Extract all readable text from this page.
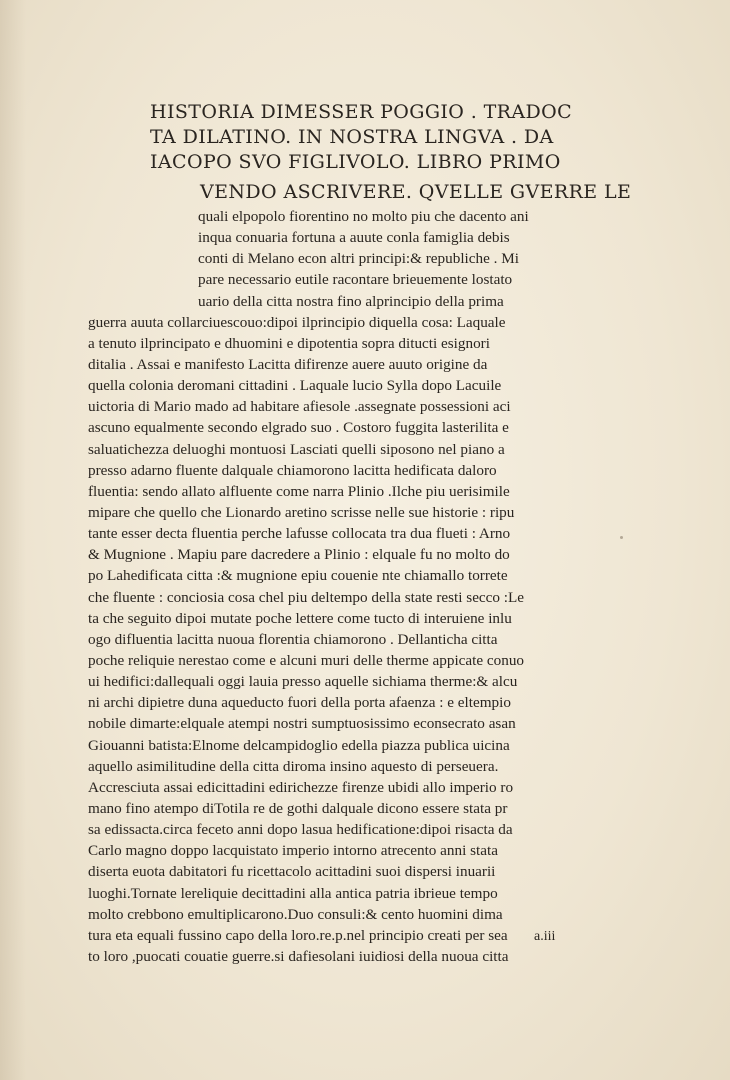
HISTORIA DIMESSER POGGIO . TRADOC
TA DILATINO. IN NOSTRA LINGVA . DA
IACOPO SVO FIGLIVOLO. LIBRO PRIMO
VENDO ASCRIVERE. QVELLE GVERRE LE
quali elpopolo fiorentino no molto piu che dacento ani
inqua conuaria fortuna a auute conla famiglia debis
conti di Melano econ altri principi:& republiche . Mi
pare necessario eutile racontare brieuemente lostato
uario della citta nostra fino alprincipio della prima
guerra auuta collarciuescouo:dipoi ilprincipio diquella cosa: Laquale
a tenuto ilprincipato e dhuomini e dipotentia sopra ditucti esignori
ditalia . Assai e manifesto Lacitta difirenze auere auuto origine da
quella colonia deromani cittadini . Laquale lucio Sylla dopo Lacuile
uictoria di Mario mado ad habitare afiesole .assegnate possessioni aci
ascuno equalmente secondo elgrado suo . Costoro fuggita lasterilita e
saluatichezza deluoghi montuosi Lasciati quelli siposono nel piano a
presso adarno fluente dalquale chiamorono lacitta hedificata daloro
fluentia: sendo allato alfluente come narra Plinio .Ilche piu uerisimile
mipare che quello che Lionardo aretino scrisse nelle sue historie : ripu
tante esser decta fluentia perche lafusse collocata tra dua flueti : Arno
& Mugnione . Mapiu pare dacredere a Plinio : elquale fu no molto do
po Lahedificata citta :& mugnione epiu couenie nte chiamallo torrete
che fluente : conciosia cosa chel piu deltempo della state resti secco :Le
ta che seguito dipoi mutate poche lettere come tucto di interuiene inlu
ogo difluentia lacitta nuoua florentia chiamorono . Dellanticha citta
poche reliquie nerestao come e alcuni muri delle therme appicate conuo
ui hedifici:dallequali oggi lauia presso aquelle sichiama therme:& alcu
ni archi dipietre duna aqueducto fuori della porta afaenza : e eltempio
nobile dimarte:elquale atempi nostri sumptuosissimo econsecrato asan
Giouanni batista:Elnome delcampidoglio edella piazza publica uicina
aquello asimilitudine della citta diroma insino aquesto di perseuera.
Accresciuta assai edicittadini edirichezze firenze ubidi allo imperio ro
mano fino atempo diTotila re de gothi dalquale dicono essere stata pr
sa edissacta.circa feceto anni dopo lasua hedificatione:dipoi risacta da
Carlo magno doppo lacquistato imperio intorno atrecento anni stata
diserta euota dabitatori fu ricettacolo acittadini suoi dispersi inuarii
luoghi.Tornate lereliquie decittadini alla antica patria ibrieue tempo
molto crebbono emultiplicarono.Duo consuli:& cento huomini dima
tura eta equali fussino capo della loro.re.p.nel principio creati per sea
to loro ,puocati couatie guerre.si dafiesolani iuidiosi della nuoua citta
a.iii
